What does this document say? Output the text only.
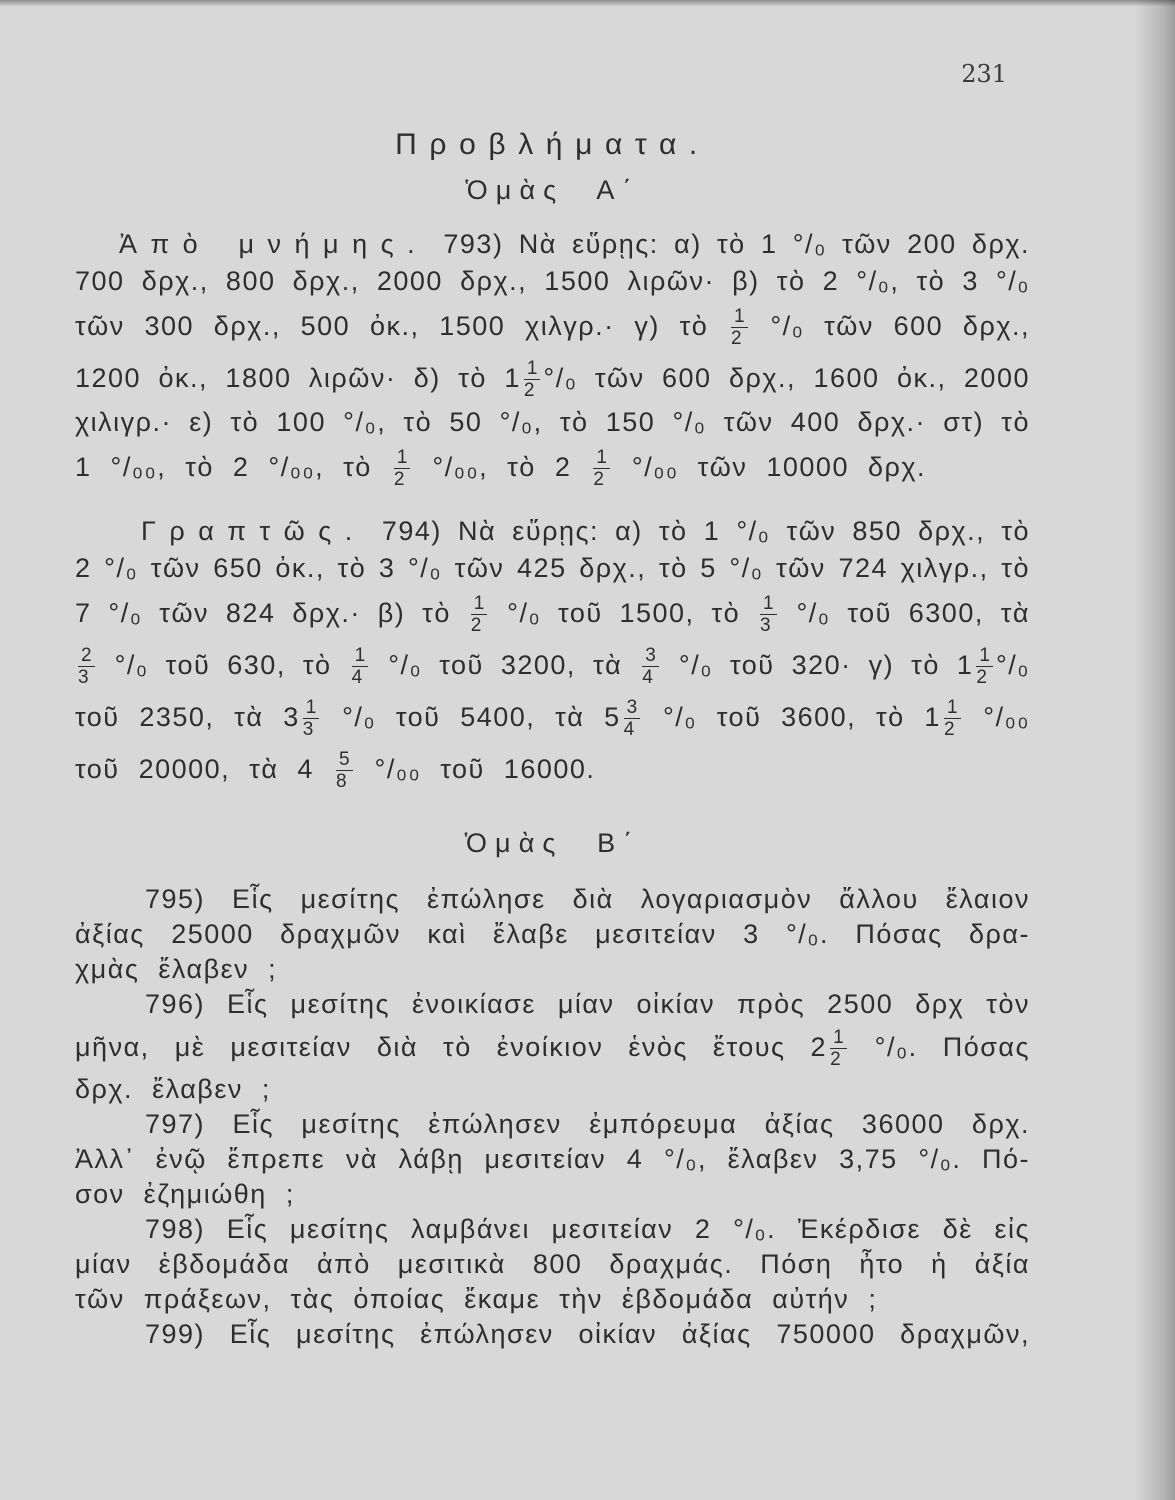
231
Προβλήματα.
Ὁμὰς Α΄
Ἀπὸ μνήμης. 793) Νὰ εὕρῃς: α) τὸ 1 °/₀ τῶν 200 δρχ.
700 δρχ., 800 δρχ., 2000 δρχ., 1500 λιρῶν· β) τὸ 2 °/₀, τὸ 3 °/₀
τῶν 300 δρχ., 500 ὀκ., 1500 χιλγρ.· γ) τὸ $\frac{1}{2} ^\circ/_0$ τῶν 600 δρχ.,
1200 ὀκ., 1800 λιρῶν· δ) τὸ $1 \frac{1}{2} ^\circ/_0$ τῶν 600 δρχ., 1600 ὀκ., 2000
χιλιγρ.· ε) τὸ 100 °/₀, τὸ 50 °/₀, τὸ 150 °/₀ τῶν 400 δρχ.· στ) τὸ
1 °/₀₀, τὸ 2 °/₀₀, τὸ $\frac{1}{2} ^\circ/_{00}$, τὸ $2 \frac{1}{2} ^\circ/_{00}$ τῶν 10000 δρχ.
Γραπτῶς. 794) Νὰ εὕρῃς: α) τὸ 1 °/₀ τῶν 850 δρχ., τὸ
2 °/₀ τῶν 650 ὀκ., τὸ 3 °/₀ τῶν 425 δρχ., τὸ 5 °/₀ τῶν 724 χιλγρ., τὸ
7 °/₀ τῶν 824 δρχ.· β) τὸ $\frac{1}{2} ^\circ/_0$ τοῦ 1500, τὸ $\frac{1}{3} ^\circ/_0$ τοῦ 6300, τὰ
$\frac{2}{3} ^\circ/_0$ τοῦ 630, τὸ $\frac{1}{4} ^\circ/_0$ τοῦ 3200, τὰ $\frac{3}{4} ^\circ/_0$ τοῦ 320· γ) τὸ $1 \frac{1}{2} ^\circ/_0$
τοῦ 2350, τὰ $3 \frac{1}{3} ^\circ/_0$ τοῦ 5400, τὰ $5 \frac{3}{4} ^\circ/_0$ τοῦ 3600, τὸ $1 \frac{1}{2} ^\circ/_{00}$
τοῦ 20000, τὰ $4 \frac{5}{8} ^\circ/_{00}$ τοῦ 16000.
Ὁμὰς Β΄
795) Εἷς μεσίτης ἐπώλησε διὰ λογαριασμὸν ἄλλου ἔλαιον
ἀξίας 25000 δραχμῶν καὶ ἔλαβε μεσιτείαν 3 °/₀. Πόσας δρα-
χμὰς ἔλαβεν ;
796) Εἷς μεσίτης ἐνοικίασε μίαν οἰκίαν πρὸς 2500 δρχ τὸν
μῆνα, μὲ μεσιτείαν διὰ τὸ ἐνοίκιον ἑνὸς ἔτους $2 \frac{1}{2} ^\circ/_0$. Πόσας
δρχ. ἔλαβεν ;
797) Εἷς μεσίτης ἐπώλησεν ἐμπόρευμα ἀξίας 36000 δρχ.
Ἀλλ᾽ ἐνῷ ἔπρεπε νὰ λάβῃ μεσιτείαν 4 °/₀, ἔλαβεν 3,75 °/₀. Πό-
σον ἐζημιώθη ;
798) Εἷς μεσίτης λαμβάνει μεσιτείαν 2 °/₀. Ἐκέρδισε δὲ εἰς
μίαν ἑβδομάδα ἀπὸ μεσιτικὰ 800 δραχμάς. Πόση ἦτο ἡ ἀξία
τῶν πράξεων, τὰς ὁποίας ἔκαμε τὴν ἑβδομάδα αὐτήν ;
799) Εἷς μεσίτης ἐπώλησεν οἰκίαν ἀξίας 750000 δραχμῶν,
